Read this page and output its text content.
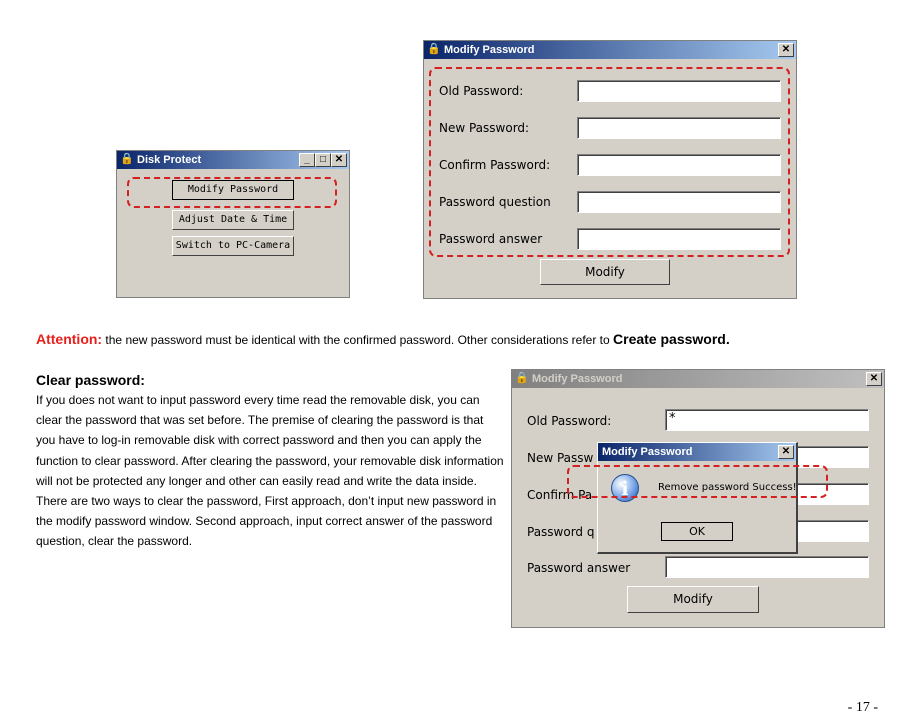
🔒 Disk Protect	_	□ ✕
Modify Password
Adjust Date & Time
Switch to PC-Camera
🔒 Modify Password	✕
Old Password:
New Password:
Confirm Password:
Password question
Password answer
Modify
Attention: the new password must be identical with the confirmed password. Other considerations refer to Create password.
Clear password:
If you does not want to input password every time read the removable disk, you can clear the password that was set before. The premise of clearing the password is that you have to log-in removable disk with correct password and then you can apply the function to clear password. After clearing the password, your removable disk information will not be protected any longer and other can easily read and write the data inside. There are two ways to clear the password, First approach, don’t input new password in the modify password window. Second approach, input correct answer of the password question, clear the password.
🔒 Modify Password	✕
Old Password:	*
New Passw
Confirm Pa
Password q
Password answer
Modify
Modify Password	✕
i	Remove password Success!
OK
- 17 -
